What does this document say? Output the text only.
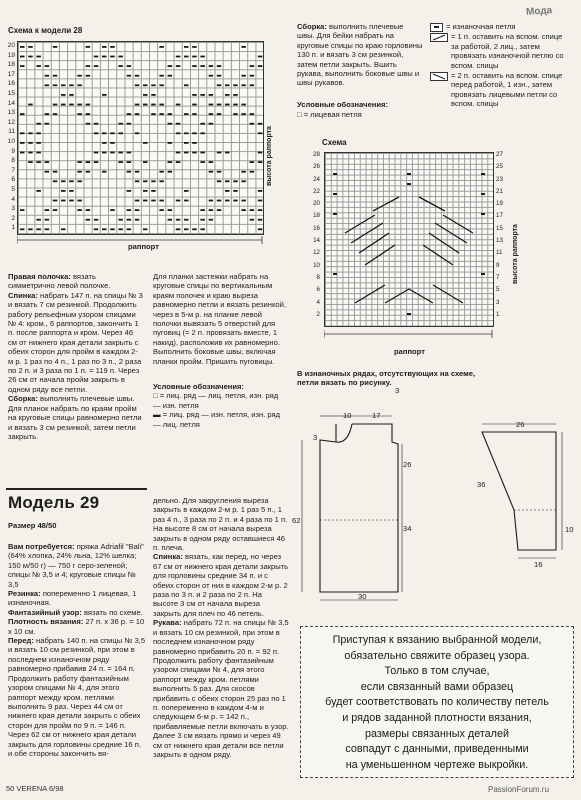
Схема к модели 28
20
19
18
17
16
15
14
13
12
11
10
9
8
7
6
5
4
3
2
1
высота раппорта
раппорт
Сборка: выполнить плечевые швы. Для бейки набрать на круговые спицы по краю горловины 130 п. и вязать 3 см резинкой, затем петли закрыть. Вшить рукава, выполнить боковые швы и швы рукавов.
= изнаночная петля
= 1 п. оставить на вспом. спице за работой, 2 лиц., затем провязать изнаночной петлю со вспом. спицы
= 2 п. оставить на вспом. спице перед работой, 1 изн., затем провязать лицевыми петли со вспом. спицы
Мода
Условные обозначения:
□ = лицевая петля
Схема
28
26
24
22
20
18
16
14
12
10
8
6
4
2
27
25
23
21
19
17
15
13
11
9
7
5
3
1
высота раппорта
раппорт
В изнаночных рядах, отсутствующих на схеме, петли вязать по рисунку.
Правая полочка: вязать симметрично левой полочке.
Спинка: набрать 147 п. на спицы № 3 и вязать 7 см резинкой. Продолжить работу рельефным узором спицами № 4: кром., 6 раппортов, закончить 1 п. после раппорта и кром. Через 46 см от нижнего края детали закрыть с обеих сторон для пройм в каждом 2-м р. 1 раз по 4 п., 1 раз по 3 п., 2 раза по 2 п. и 3 раза по 1 п. = 119 п. Через 26 см от начала пройм закрыть в одном ряду все петли.
Сборка: выполнить плечевые швы. Для планок набрать по краям пройм на круговые спицы равномерно петли и вязать 3 см резинкой, затем петли закрыть.
Для планки застежки набрать на круговые спицы по вертикальным краям полочек и краю выреза равномерно петли и вязать резинкой, через в 5-м р. на планке левой полочки вывязать 5 отверстий для пуговиц (= 2 п. провязать вместе, 1 накид), расположив их равномерно. Выполнить боковые швы, включая планки пройм. Пришить пуговицы.
Условные обозначения:
□ = лиц. ряд — лиц. петля, изн. ряд — изн. петля
▬ = лиц. ряд — изн. петля, изн. ряд — лиц. петля
Модель 29
Размер 48/50
Вам потребуется: пряжа Adriafil "Bali" (64% хлопка, 24% льна, 12% шелка; 150 м/50 г) — 750 г серо-зеленой; спицы № 3,5 и 4; круговые спицы № 3,5
Резинка: попеременно 1 лицевая, 1 изнаночная.
Фантазийный узор: вязать по схеме.
Плотность вязания: 27 п. х 36 р. = 10 х 10 см.
Перед: набрать 140 п. на спицы № 3,5 и вязать 10 см резинкой, при этом в последнем изнаночном ряду равномерно прибавив 24 п. = 164 п. Продолжить работу фантазийным узором спицами № 4, для этого раппорт между кром. петлями выполнить 9 раз. Через 44 см от нижнего края детали закрыть с обеих сторон для пройм по 9 п. = 146 п. Через 62 см от нижнего края детали закрыть для горловины средние 16 п. и обе стороны закончить вя-
дельно. Для закругления выреза закрыть в каждом 2-м р. 1 раз 5 п., 1 раз 4 п., 3 раза по 2 п. и 4 раза по 1 п. На высоте 8 см от начала выреза закрыть в одном ряду оставшиеся 46 п. плеча.
Спинка: вязать, как перед, но через 67 см от нижнего края детали закрыть для горловины средние 34 п. и с обеих сторон от них в каждом 2-м р. 2 раза по 3 п. и 2 раза по 2 п. На высоте 3 см от начала выреза закрыть для плеч по 46 петель.
Рукава: набрать 72 п. на спицы № 3,5 и вязать 10 см резинкой, при этом в последнем изнаночном ряду равномерно прибавить 20 п. = 92 п. Продолжить работу фантазийным узором спицами № 4, для этого раппорт между кром. петлями выполнить 5 раз. Для скосов прибавить с обеих сторон 25 раз по 1 п. попеременно в каждом 4-м и следующем 6-м р. = 142 п., прибавляемые петли включать в узор. Далее 3 см вязать прямо и через 49 см от нижнего края детали все петли закрыть в одном ряду.
3
10	17
3
26
62
34
30
26
36
10
16
Приступая к вязанию выбранной модели,
обязательно свяжите образец узора.
Только в том случае,
если связанный вами образец
будет соответствовать по количеству петель
и рядов заданной плотности вязания,
размеры связанных деталей
совпадут с данными, приведенными
на уменьшенном чертеже выкройки.
50 VERENA 6/98	PassionForum.ru
